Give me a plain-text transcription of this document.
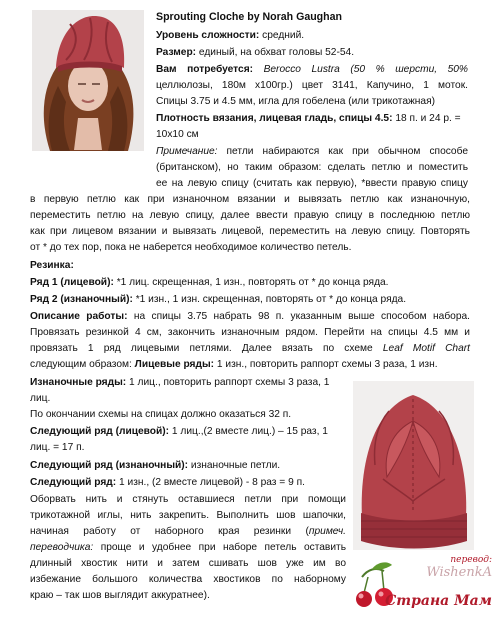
Sprouting Cloche by Norah Gaughan
Уровень сложности: средний.
Размер: единый, на обхват головы 52-54.
Вам потребуется: Berocco Lustra (50 % шерсти, 50%
целлюлозы, 180м х100гр.) цвет 3141, Капучино, 1 моток.
Спицы 3.75 и 4.5 мм, игла для гобелена (или трикотажная)
Плотность вязания, лицевая гладь, спицы 4.5: 18 п. и 24 р. =
10х10 см
Примечание: петли набираются как при обычном способе
(британском), но таким образом: сделать петлю и поместить
ее на левую спицу (считать как первую), *ввести правую спицу
в первую петлю как при изнаночном вязании и вывязать петлю как изнаночную,
переместить петлю на левую спицу, далее ввести правую спицу в последнюю петлю
как при лицевом вязании и вывязать лицевой, переместить на левую спицу. Повторять
от * до тех пор, пока не наберется необходимое количество петель.
Резинка:
Ряд 1 (лицевой): *1 лиц. скрещенная, 1 изн., повторять от * до конца ряда.
Ряд 2 (изнаночный): *1 изн., 1 изн. скрещенная, повторять от * до конца ряда.
Описание работы: на спицы 3.75 набрать 98 п. указанным выше способом набора.
Провязать резинкой 4 см, закончить изнаночным рядом. Перейти на спицы 4.5 мм и
провязать 1 ряд лицевыми петлями. Далее вязать по схеме Leaf Motif Chart
следующим образом: Лицевые ряды: 1 изн., повторить раппорт схемы 3 раза, 1 изн.
Изнаночные ряды: 1 лиц., повторить раппорт схемы 3 раза, 1
лиц.
По окончании схемы на спицах должно оказаться 32 п.
Следующий ряд (лицевой): 1 лиц.,(2 вместе лиц.) – 15 раз, 1
лиц. = 17 п.
Следующий ряд (изнаночный): изнаночные петли.
Следующий ряд: 1 изн., (2 вместе лицевой) - 8 раз = 9 п.
Оборвать нить и стянуть оставшиеся петли при помощи
трикотажной иглы, нить закрепить. Выполнить шов шапочки,
начиная работу от наборного края резинки (примеч.
переводчика: проще и удобнее при наборе петель оставить
длинный хвостик нити и затем сшивать шов уже им во
избежание большого количества хвостиков по наборному
краю – так шов выглядит аккуратнее).
перевод:
WishenkA
Страна Мам
